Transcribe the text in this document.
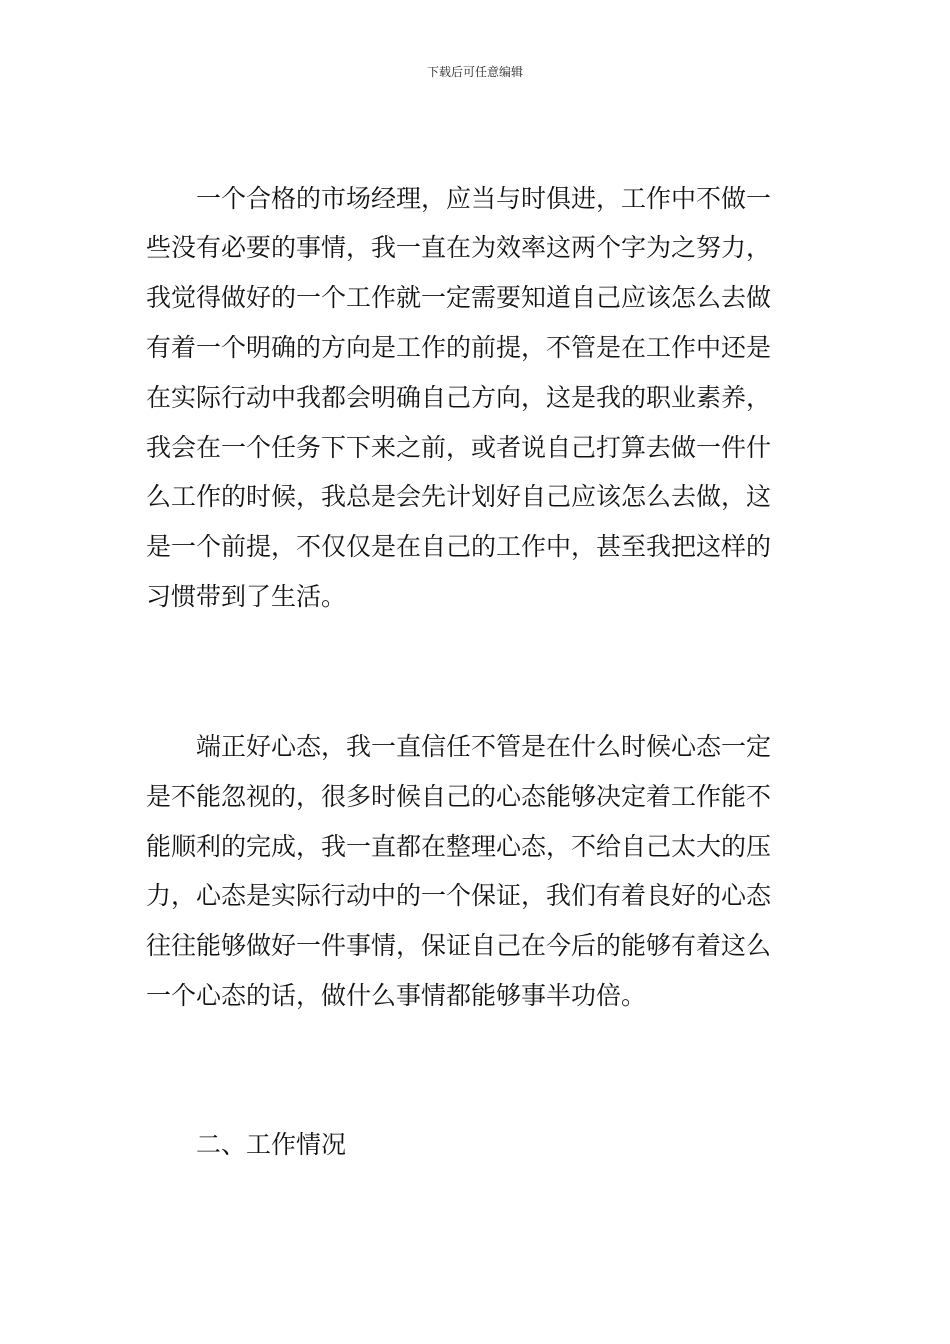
下载后可任意编辑
一个合格的市场经理，应当与时俱进，工作中不做一
些没有必要的事情，我一直在为效率这两个字为之努力，
我觉得做好的一个工作就一定需要知道自己应该怎么去做
有着一个明确的方向是工作的前提，不管是在工作中还是
在实际行动中我都会明确自己方向，这是我的职业素养，
我会在一个任务下下来之前，或者说自己打算去做一件什
么工作的时候，我总是会先计划好自己应该怎么去做，这
是一个前提，不仅仅是在自己的工作中，甚至我把这样的
习惯带到了生活。
端正好心态，我一直信任不管是在什么时候心态一定
是不能忽视的，很多时候自己的心态能够决定着工作能不
能顺利的完成，我一直都在整理心态，不给自己太大的压
力，心态是实际行动中的一个保证，我们有着良好的心态
往往能够做好一件事情，保证自己在今后的能够有着这么
一个心态的话，做什么事情都能够事半功倍。
二、工作情况
